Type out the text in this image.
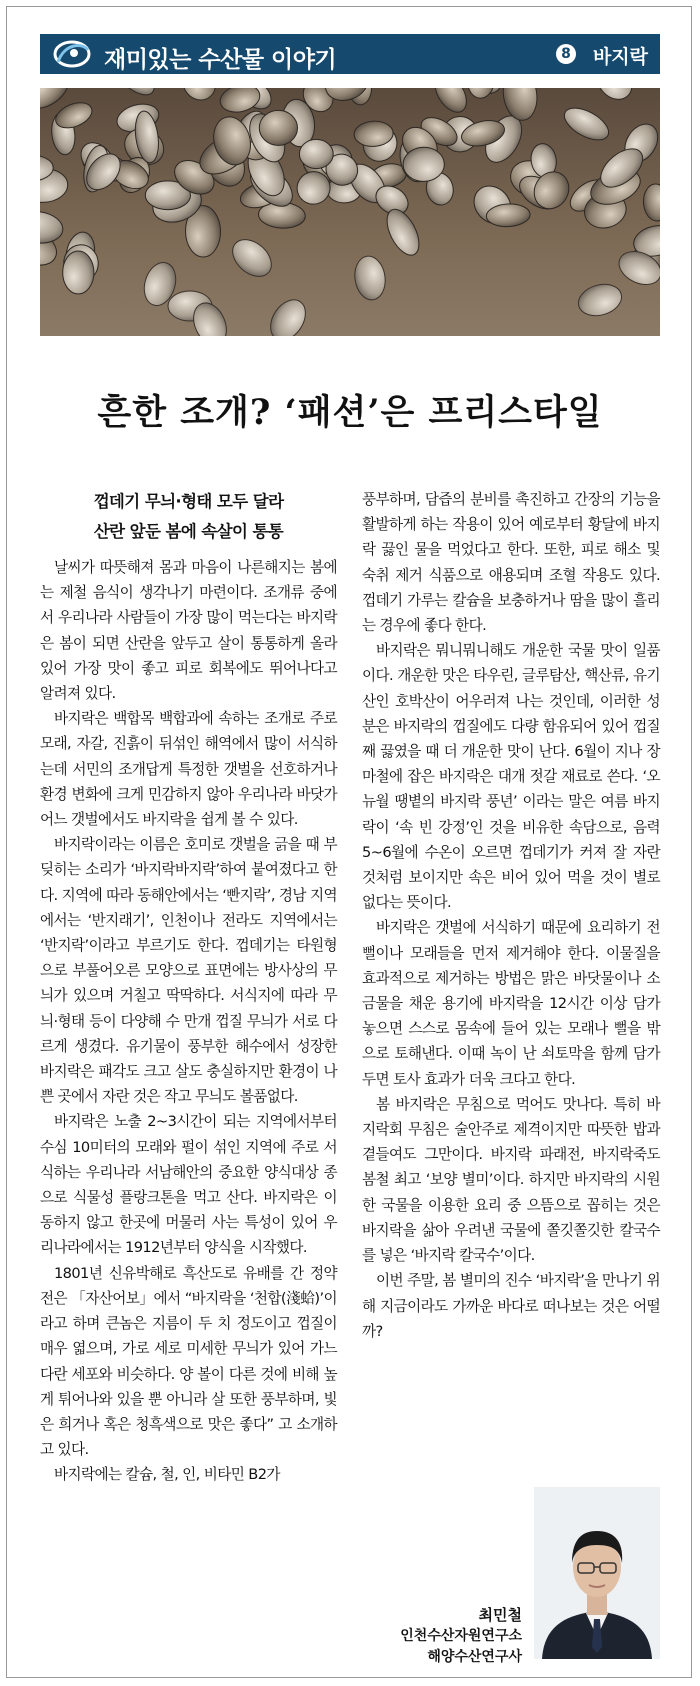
재미있는 수산물 이야기	8 바지락
흔한 조개? ‘패션’은 프리스타일
껍데기 무늬·형태 모두 달라
산란 앞둔 봄에 속살이 통통

날씨가 따뜻해져 몸과 마음이 나른해지는 봄에는 제철 음식이 생각나기 마련이다. 조개류 중에서 우리나라 사람들이 가장 많이 먹는다는 바지락은 봄이 되면 산란을 앞두고 살이 통통하게 올라있어 가장 맛이 좋고 피로 회복에도 뛰어나다고 알려져 있다.

바지락은 백합목 백합과에 속하는 조개로 주로 모래, 자갈, 진흙이 뒤섞인 해역에서 많이 서식하는데 서민의 조개답게 특정한 갯벌을 선호하거나 환경 변화에 크게 민감하지 않아 우리나라 바닷가 어느 갯벌에서도 바지락을 쉽게 볼 수 있다.

바지락이라는 이름은 호미로 갯벌을 긁을 때 부딪히는 소리가 ‘바지락바지락’하여 붙여졌다고 한다. 지역에 따라 동해안에서는 ‘빤지락’, 경남 지역에서는 ‘반지래기’, 인천이나 전라도 지역에서는 ‘반지락’이라고 부르기도 한다. 껍데기는 타원형으로 부풀어오른 모양으로 표면에는 방사상의 무늬가 있으며 거칠고 딱딱하다. 서식지에 따라 무늬·형태 등이 다양해 수 만개 껍질 무늬가 서로 다르게 생겼다. 유기물이 풍부한 해수에서 성장한 바지락은 패각도 크고 살도 충실하지만 환경이 나쁜 곳에서 자란 것은 작고 무늬도 볼품없다.

바지락은 노출 2~3시간이 되는 지역에서부터 수심 10미터의 모래와 펄이 섞인 지역에 주로 서식하는 우리나라 서남해안의 중요한 양식대상 종으로 식물성 플랑크톤을 먹고 산다. 바지락은 이동하지 않고 한곳에 머물러 사는 특성이 있어 우리나라에서는 1912년부터 양식을 시작했다.

1801년 신유박해로 흑산도로 유배를 간 정약전은 「자산어보」에서 “바지락을 ‘천합(淺蛤)’이라고 하며 큰놈은 지름이 두 치 정도이고 껍질이 매우 엷으며, 가로 세로 미세한 무늬가 있어 가느다란 세포와 비슷하다. 양 볼이 다른 것에 비해 높게 튀어나와 있을 뿐 아니라 살 또한 풍부하며, 빛은 희거나 혹은 청흑색으로 맛은 좋다” 고 소개하고 있다.

바지락에는 칼슘, 철, 인, 비타민 B2가

풍부하며, 담즙의 분비를 촉진하고 간장의 기능을 활발하게 하는 작용이 있어 예로부터 황달에 바지락 끓인 물을 먹었다고 한다. 또한, 피로 해소 및 숙취 제거 식품으로 애용되며 조혈 작용도 있다. 껍데기 가루는 칼슘을 보충하거나 땀을 많이 흘리는 경우에 좋다 한다.

바지락은 뭐니뭐니해도 개운한 국물 맛이 일품이다. 개운한 맛은 타우린, 글루탐산, 핵산류, 유기산인 호박산이 어우러져 나는 것인데, 이러한 성분은 바지락의 껍질에도 다량 함유되어 있어 껍질째 끓였을 때 더 개운한 맛이 난다. 6월이 지나 장마철에 잡은 바지락은 대개 젓갈 재료로 쓴다. ‘오뉴월 땡볕의 바지락 풍년’ 이라는 말은 여름 바지락이 ‘속 빈 강정’인 것을 비유한 속담으로, 음력 5~6월에 수온이 오르면 껍데기가 커져 잘 자란 것처럼 보이지만 속은 비어 있어 먹을 것이 별로 없다는 뜻이다.

바지락은 갯벌에 서식하기 때문에 요리하기 전 뻘이나 모래들을 먼저 제거해야 한다. 이물질을 효과적으로 제거하는 방법은 맑은 바닷물이나 소금물을 채운 용기에 바지락을 12시간 이상 담가 놓으면 스스로 몸속에 들어 있는 모래나 뻘을 밖으로 토해낸다. 이때 녹이 난 쇠토막을 함께 담가두면 토사 효과가 더욱 크다고 한다.

봄 바지락은 무침으로 먹어도 맛나다. 특히 바지락회 무침은 술안주로 제격이지만 따뜻한 밥과 곁들여도 그만이다. 바지락 파래전, 바지락죽도 봄철 최고 ‘보양 별미’이다. 하지만 바지락의 시원한 국물을 이용한 요리 중 으뜸으로 꼽히는 것은 바지락을 삶아 우려낸 국물에 쫄깃쫄깃한 칼국수를 넣은 ‘바지락 칼국수’이다.

이번 주말, 봄 별미의 진수 ‘바지락’을 만나기 위해 지금이라도 가까운 바다로 떠나보는 것은 어떨까?

최민철
인천수산자원연구소
해양수산연구사
